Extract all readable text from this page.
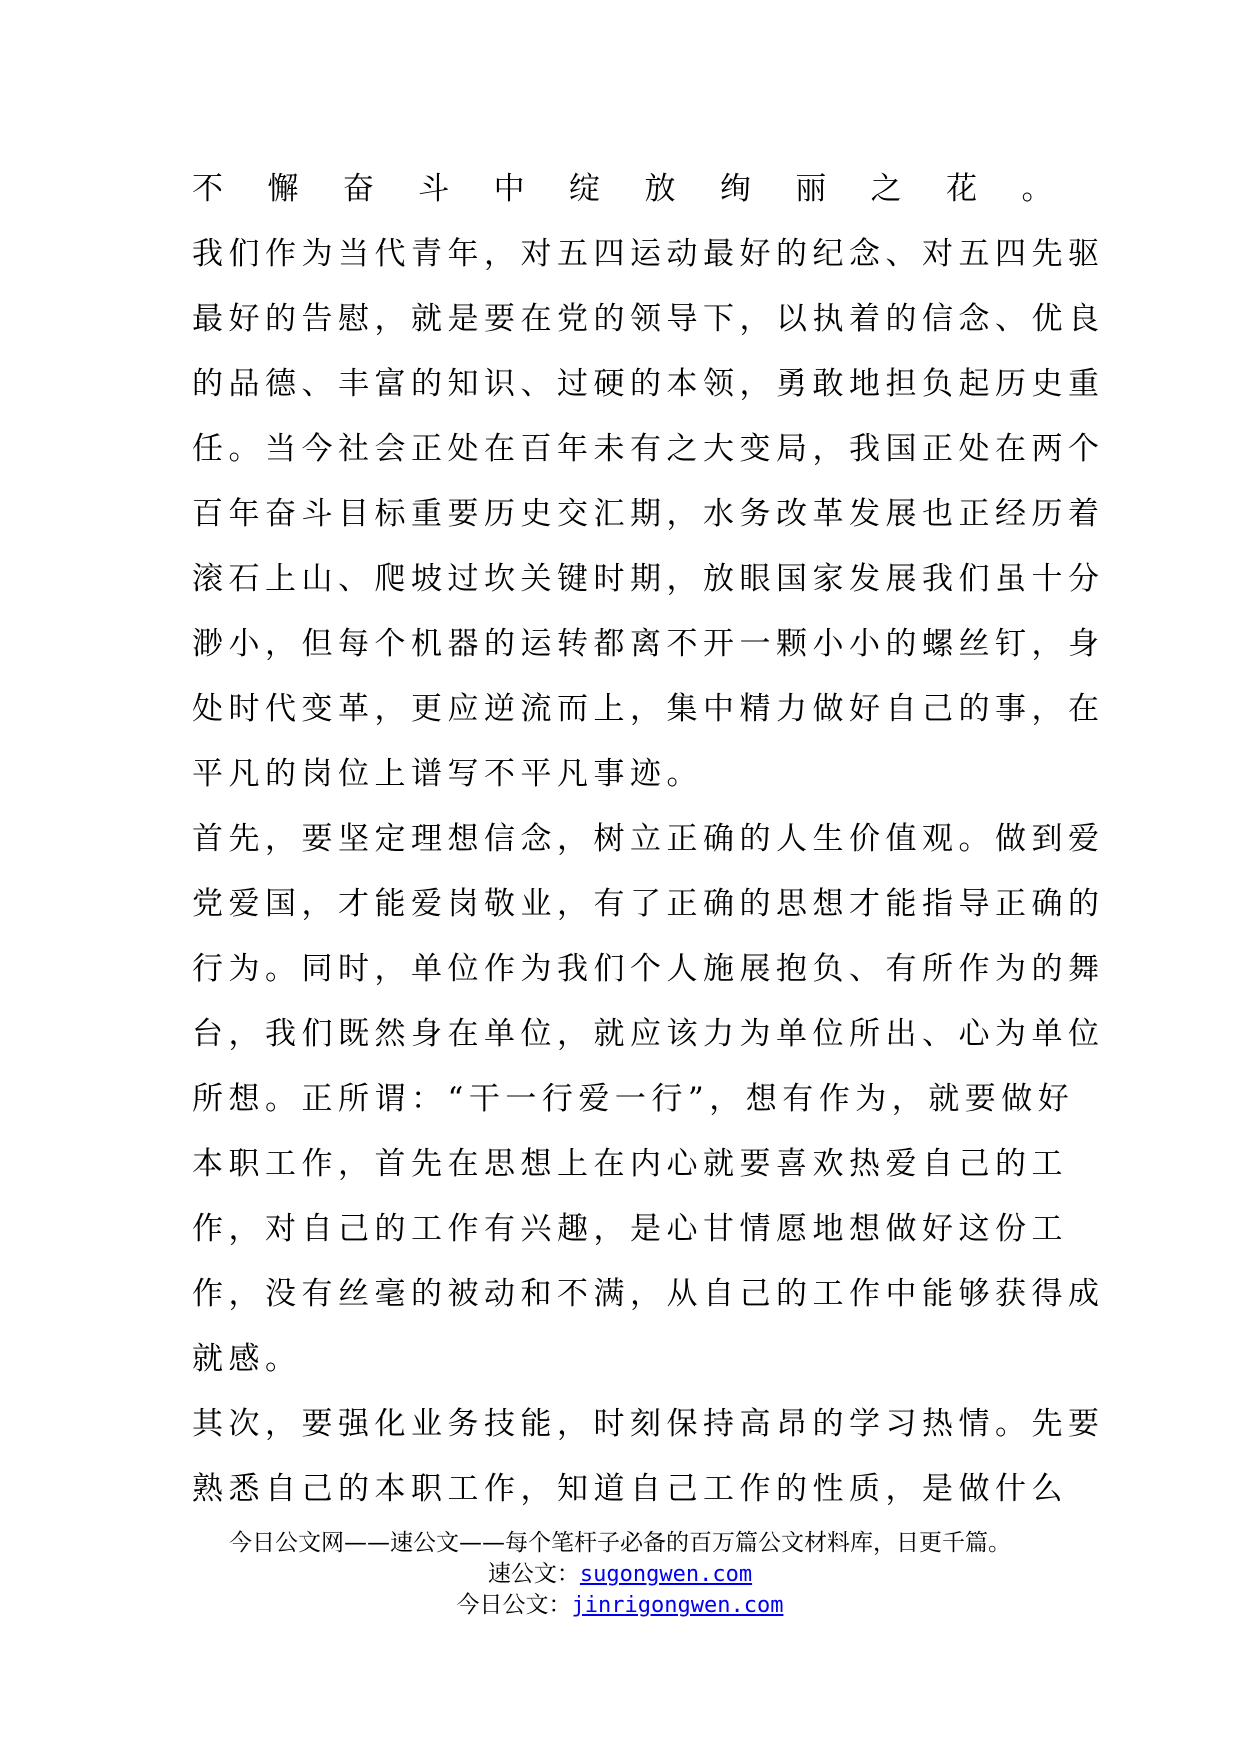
不懈奋斗中绽放绚丽之花。
我们作为当代青年，对五四运动最好的纪念、对五四先驱
最好的告慰，就是要在党的领导下，以执着的信念、优良
的品德、丰富的知识、过硬的本领，勇敢地担负起历史重
任。当今社会正处在百年未有之大变局，我国正处在两个
百年奋斗目标重要历史交汇期，水务改革发展也正经历着
滚石上山、爬坡过坎关键时期，放眼国家发展我们虽十分
渺小，但每个机器的运转都离不开一颗小小的螺丝钉，身
处时代变革，更应逆流而上，集中精力做好自己的事，在
平凡的岗位上谱写不平凡事迹。
首先，要坚定理想信念，树立正确的人生价值观。做到爱
党爱国，才能爱岗敬业，有了正确的思想才能指导正确的
行为。同时，单位作为我们个人施展抱负、有所作为的舞
台，我们既然身在单位，就应该力为单位所出、心为单位
所想。正所谓：“干一行爱一行”，想有作为，就要做好
本职工作，首先在思想上在内心就要喜欢热爱自己的工
作，对自己的工作有兴趣，是心甘情愿地想做好这份工
作，没有丝毫的被动和不满，从自己的工作中能够获得成
就感。
其次，要强化业务技能，时刻保持高昂的学习热情。先要
熟悉自己的本职工作，知道自己工作的性质，是做什么
今日公文网——速公文——每个笔杆子必备的百万篇公文材料库，日更千篇。
速公文：sugongwen.com
今日公文：jinrigongwen.com
